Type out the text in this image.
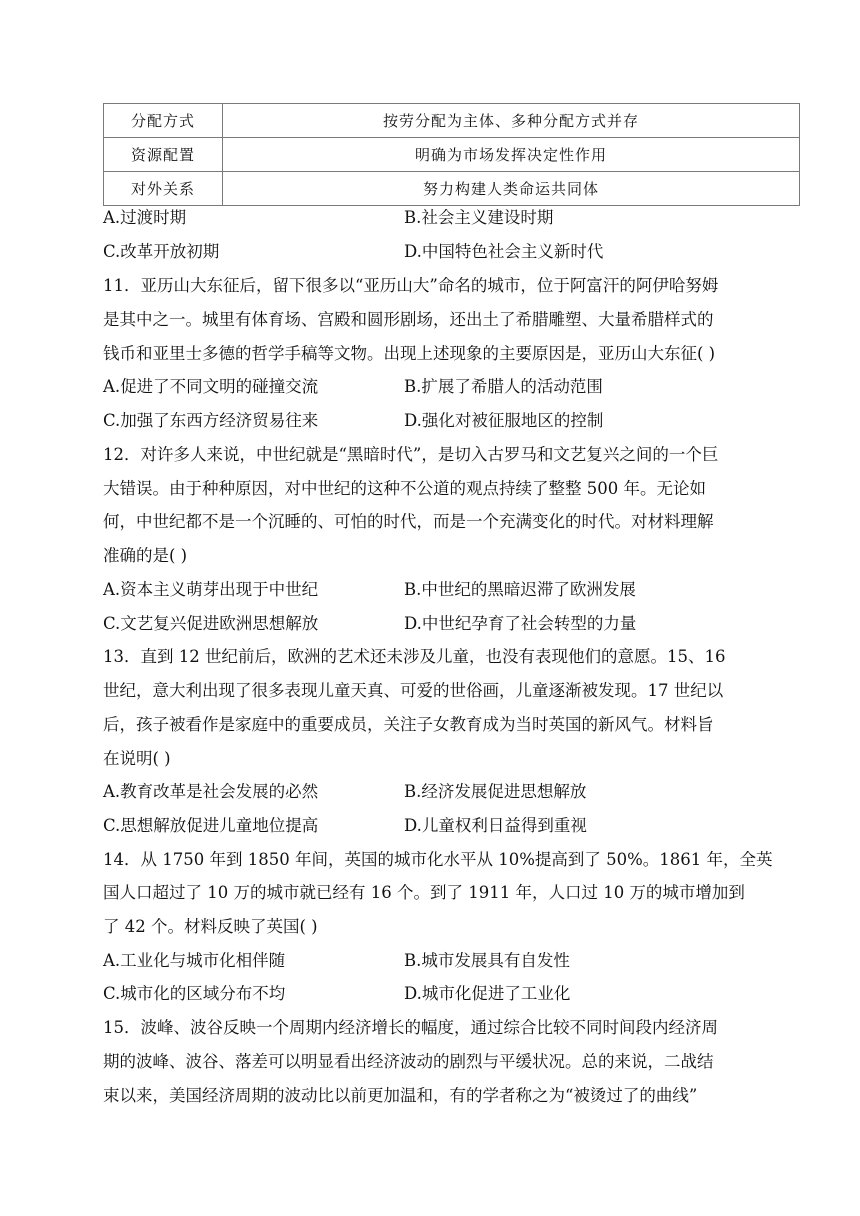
分配方式	按劳分配为主体、多种分配方式并存
资源配置	明确为市场发挥决定性作用
对外关系	努力构建人类命运共同体
A.过渡时期	B.社会主义建设时期
C.改革开放初期	D.中国特色社会主义新时代
11．亚历山大东征后，留下很多以“亚历山大”命名的城市，位于阿富汗的阿伊哈努姆
是其中之一。城里有体育场、宫殿和圆形剧场，还出土了希腊雕塑、大量希腊样式的
钱币和亚里士多德的哲学手稿等文物。出现上述现象的主要原因是，亚历山大东征( )
A.促进了不同文明的碰撞交流	B.扩展了希腊人的活动范围
C.加强了东西方经济贸易往来	D.强化对被征服地区的控制
12．对许多人来说，中世纪就是“黑暗时代”，是切入古罗马和文艺复兴之间的一个巨
大错误。由于种种原因，对中世纪的这种不公道的观点持续了整整 500 年。无论如
何，中世纪都不是一个沉睡的、可怕的时代，而是一个充满变化的时代。对材料理解
准确的是( )
A.资本主义萌芽出现于中世纪	B.中世纪的黑暗迟滞了欧洲发展
C.文艺复兴促进欧洲思想解放	D.中世纪孕育了社会转型的力量
13．直到 12 世纪前后，欧洲的艺术还未涉及儿童，也没有表现他们的意愿。15、16
世纪，意大利出现了很多表现儿童天真、可爱的世俗画，儿童逐渐被发现。17 世纪以
后，孩子被看作是家庭中的重要成员，关注子女教育成为当时英国的新风气。材料旨
在说明( )
A.教育改革是社会发展的必然	B.经济发展促进思想解放
C.思想解放促进儿童地位提高	D.儿童权利日益得到重视
14．从 1750 年到 1850 年间，英国的城市化水平从 10%提高到了 50%。1861 年，全英
国人口超过了 10 万的城市就已经有 16 个。到了 1911 年，人口过 10 万的城市增加到
了 42 个。材料反映了英国( )
A.工业化与城市化相伴随	B.城市发展具有自发性
C.城市化的区域分布不均	D.城市化促进了工业化
15．波峰、波谷反映一个周期内经济增长的幅度，通过综合比较不同时间段内经济周
期的波峰、波谷、落差可以明显看出经济波动的剧烈与平缓状况。总的来说，二战结
束以来，美国经济周期的波动比以前更加温和，有的学者称之为“被烫过了的曲线”
